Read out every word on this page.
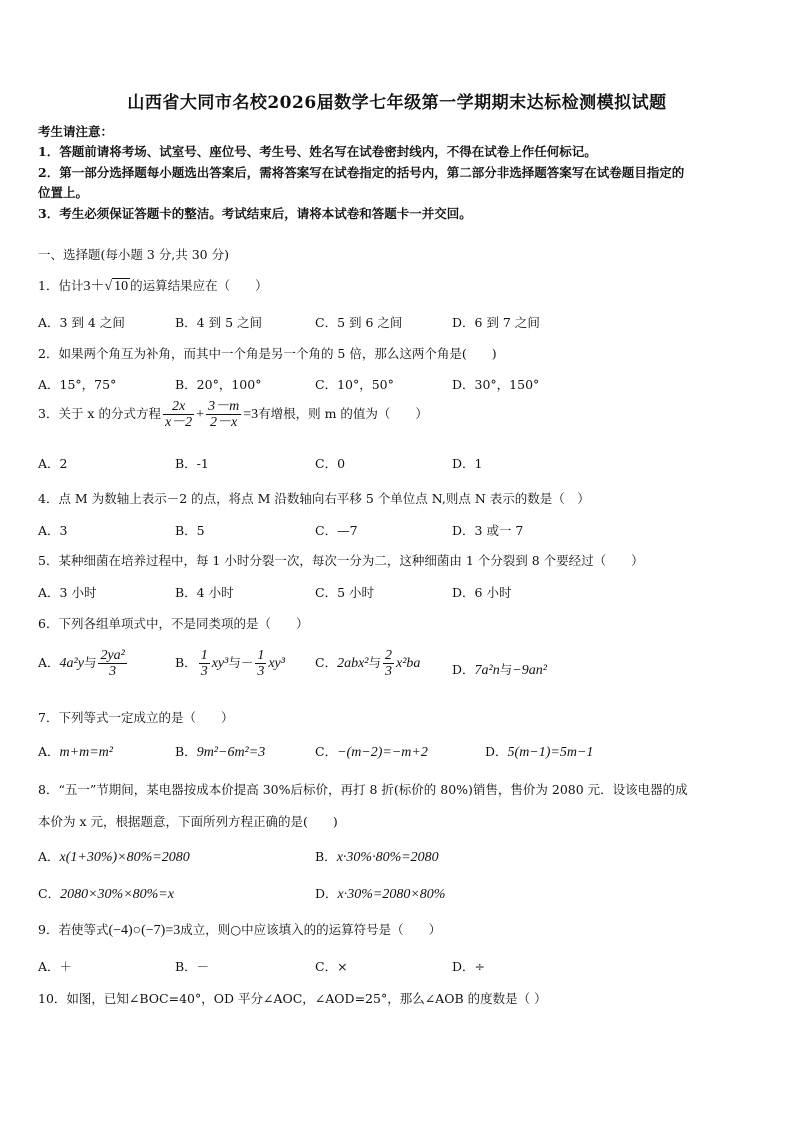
山西省大同市名校2026届数学七年级第一学期期末达标检测模拟试题
考生请注意：
1．答题前请将考场、试室号、座位号、考生号、姓名写在试卷密封线内，不得在试卷上作任何标记。
2．第一部分选择题每小题选出答案后，需将答案写在试卷指定的括号内，第二部分非选择题答案写在试卷题目指定的
位置上。
3．考生必须保证答题卡的整洁。考试结束后，请将本试卷和答题卡一并交回。
一、选择题(每小题 3 分,共 30 分)
1．估计3＋√ 10 的运算结果应在（　　）
A．3 到 4 之间	B．4 到 5 之间	C．5 到 6 之间	D．6 到 7 之间
2．如果两个角互为补角，而其中一个角是另一个角的 5 倍，那么这两个角是(　　)
A．15°，75°	B．20°，100°	C．10°，50°	D．30°，150°
3．关于 x 的分式方程 $\frac{2x}{x-2} + \frac{3-m}{2-x} =3$有增根，则 m 的值为（　　）
A．2	B．-1	C．0	D．1
4．点 M 为数轴上表示－2 的点，将点 M 沿数轴向右平移 5 个单位点 N,则点 N 表示的数是（　）
A．3	B．5	C．—7	D．3 或一 7
5．某种细菌在培养过程中，每 1 小时分裂一次，每次一分为二，这种细菌由 1 个分裂到 8 个要经过（　　）
A．3 小时	B．4 小时	C．5 小时	D．6 小时
6．下列各组单项式中，不是同类项的是（　　）
A．4a²y与 $\frac{\text{2ya²}}{3}$	B． $\frac{1}{3} xy^3$与－ $\frac{1}{3} xy^3$ C．2abx²与 $\frac{2}{3} x^2ba$	D．7a²n与−9an²
7．下列等式一定成立的是（　　）
A．m+m=m²	B．9m²−6m²=3	C．−(m−2)=−m+2	D．5(m−1)=5m−1
8．“五一”节期间，某电器按成本价提高 30%后标价，再打 8 折(标价的 80%)销售，售价为 2080 元．设该电器的成
本价为 x 元，根据题意，下面所列方程正确的是(　　)
A．x(1+30%)×80%=2080	B．x·30%·80%=2080
C．2080×30%×80%=x	D．x·30%=2080×80%
9．若使等式(−4)○(−7)=3成立，则○中应该填入的的运算符号是（　　）
A．＋	B．－	C．×	D．÷
10．如图，已知∠BOC=40°，OD 平分∠AOC，∠AOD=25°，那么∠AOB 的度数是（ ）
